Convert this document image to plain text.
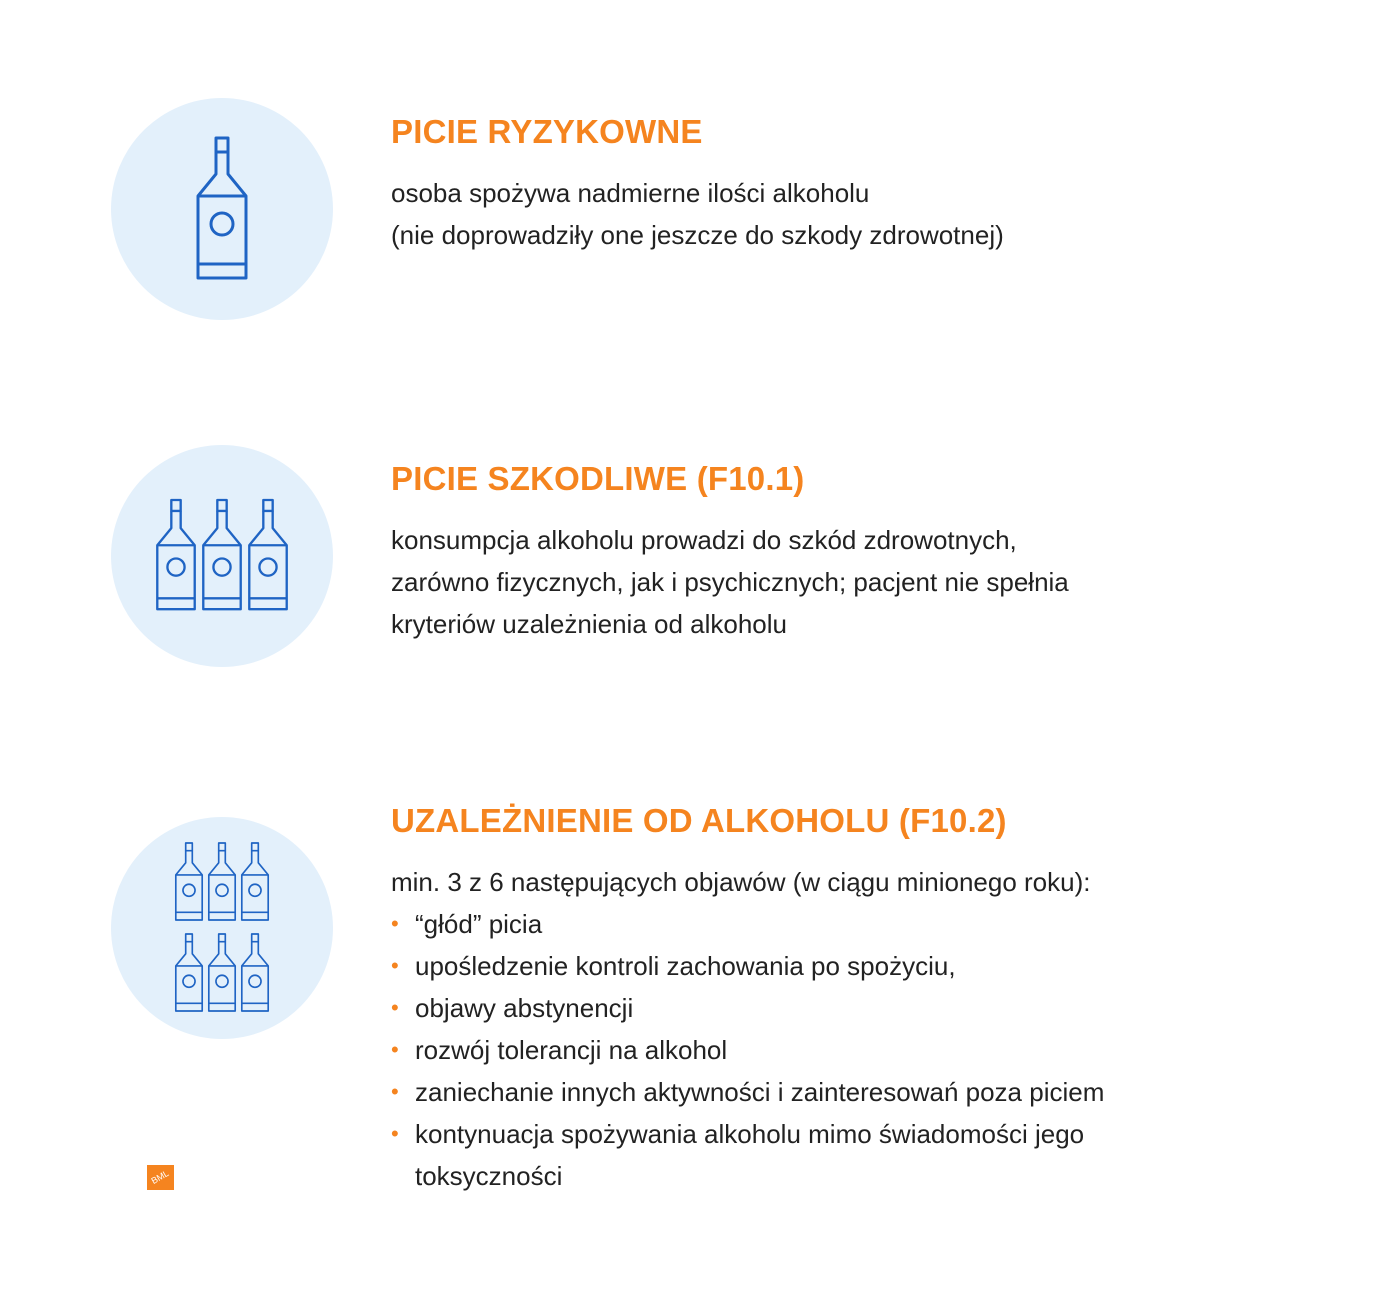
PICIE RYZYKOWNE

osoba spożywa nadmierne ilości alkoholu
(nie doprowadziły one jeszcze do szkody zdrowotnej)

PICIE SZKODLIWE (F10.1)

konsumpcja alkoholu prowadzi do szkód zdrowotnych,
zarówno fizycznych, jak i psychicznych; pacjent nie spełnia
kryteriów uzależnienia od alkoholu

UZALEŻNIENIE OD ALKOHOLU (F10.2)

min. 3 z 6 następujących objawów (w ciągu minionego roku):

• “głód” picia
• upośledzenie kontroli zachowania po spożyciu,
• objawy abstynencji
• rozwój tolerancji na alkohol
• zaniechanie innych aktywności i zainteresowań poza piciem
• kontynuacja spożywania alkoholu mimo świadomości jego toksyczności
BML
